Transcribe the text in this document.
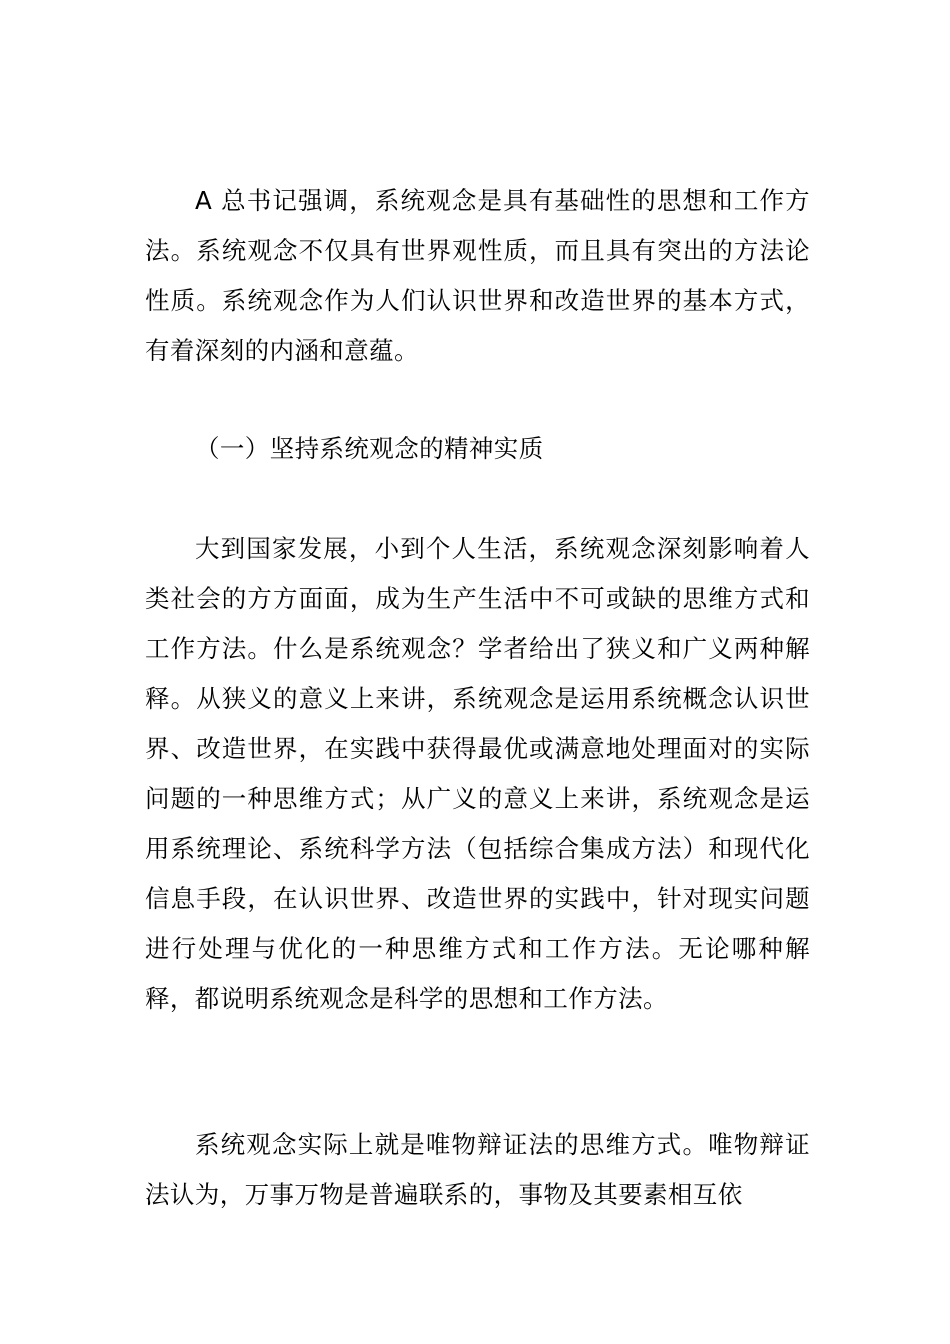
A 总书记强调，系统观念是具有基础性的思想和工作方法。系统观念不仅具有世界观性质，而且具有突出的方法论性质。系统观念作为人们认识世界和改造世界的基本方式，有着深刻的内涵和意蕴。

（一）坚持系统观念的精神实质

大到国家发展，小到个人生活，系统观念深刻影响着人类社会的方方面面，成为生产生活中不可或缺的思维方式和工作方法。什么是系统观念？学者给出了狭义和广义两种解释。从狭义的意义上来讲，系统观念是运用系统概念认识世界、改造世界，在实践中获得最优或满意地处理面对的实际问题的一种思维方式；从广义的意义上来讲，系统观念是运用系统理论、系统科学方法（包括综合集成方法）和现代化信息手段，在认识世界、改造世界的实践中，针对现实问题进行处理与优化的一种思维方式和工作方法。无论哪种解释，都说明系统观念是科学的思想和工作方法。

系统观念实际上就是唯物辩证法的思维方式。唯物辩证法认为，万事万物是普遍联系的，事物及其要素相互依
